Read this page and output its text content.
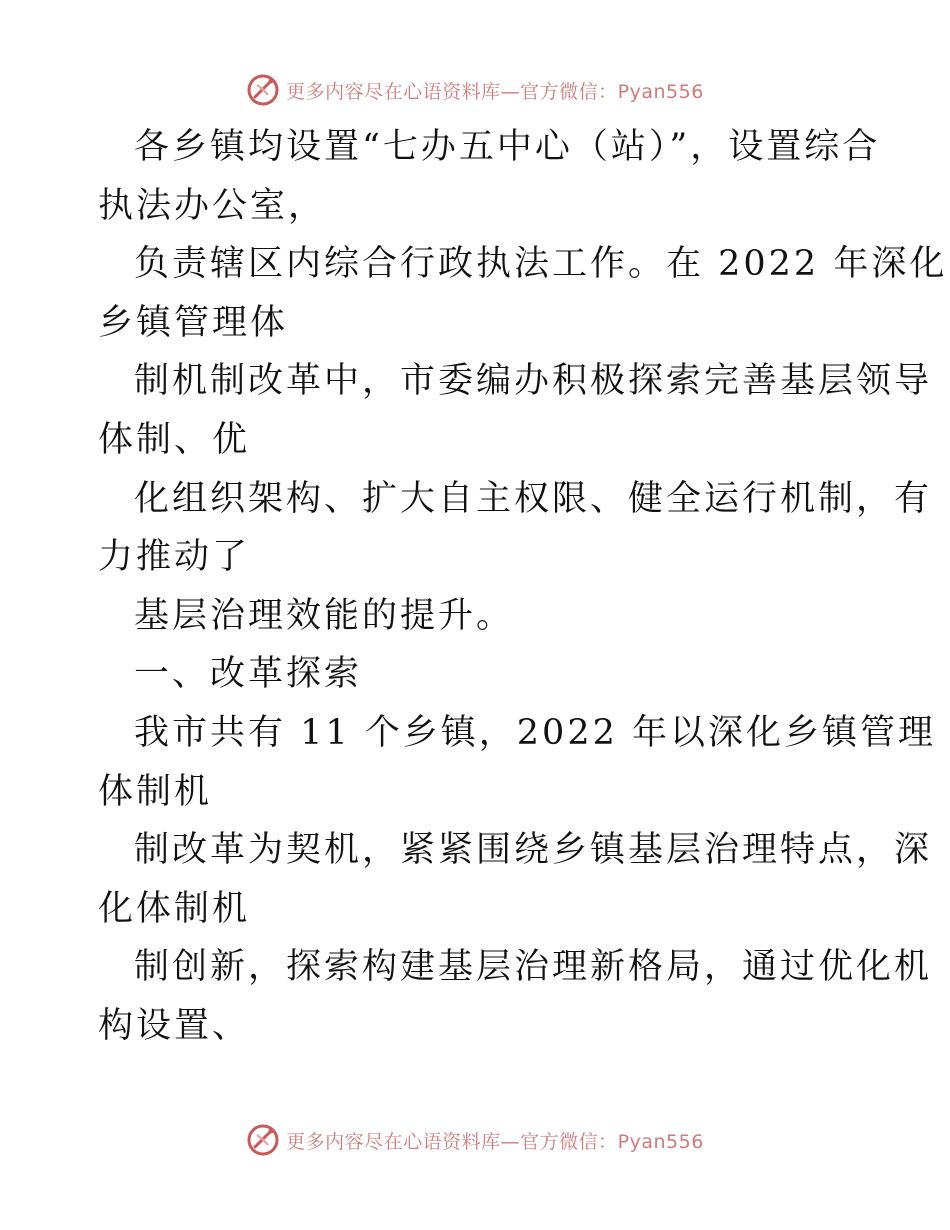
更多内容尽在心语资料库—官方微信：Pyan556
各乡镇均设置“七办五中心（站）”，设置综合
执法办公室，
负责辖区内综合行政执法工作。在 2022 年深化
乡镇管理体
制机制改革中，市委编办积极探索完善基层领导
体制、优
化组织架构、扩大自主权限、健全运行机制，有
力推动了
基层治理效能的提升。
一、改革探索
我市共有 11 个乡镇，2022 年以深化乡镇管理
体制机
制改革为契机，紧紧围绕乡镇基层治理特点，深
化体制机
制创新，探索构建基层治理新格局，通过优化机
构设置、
更多内容尽在心语资料库—官方微信：Pyan556
